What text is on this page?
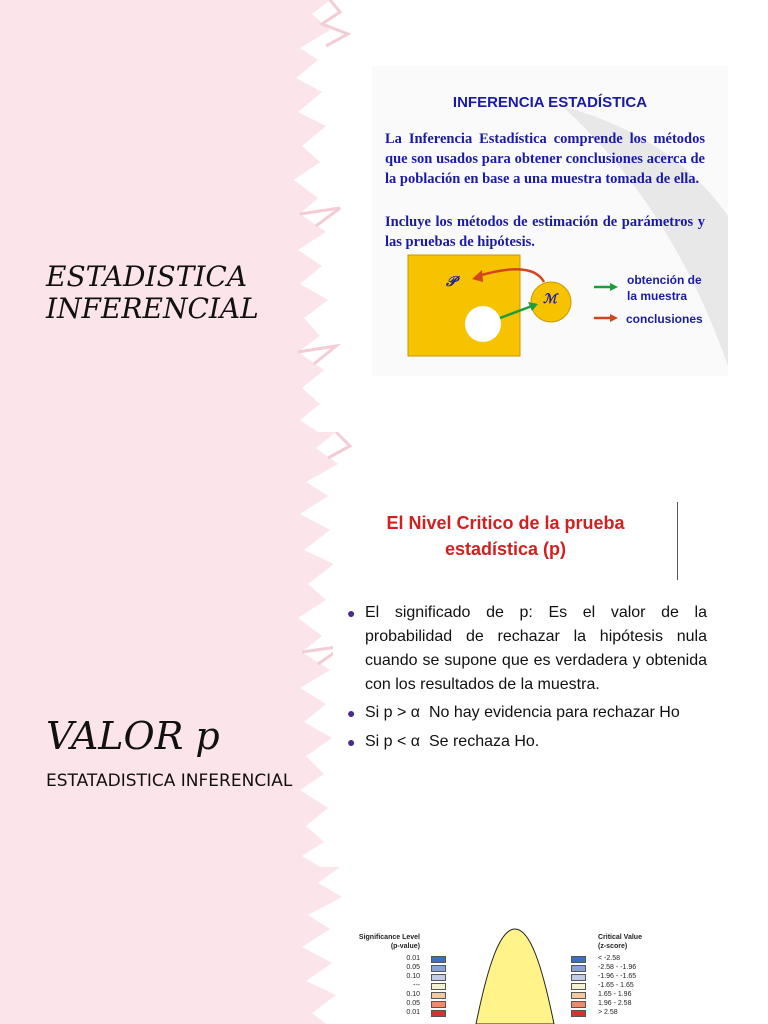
ESTADISTICA
INFERENCIAL
INFERENCIA ESTADÍSTICA
La Inferencia Estadística comprende los métodos que son usados para obtener conclusiones acerca de la población en base a una muestra tomada de ella.
Incluye los métodos de estimación de parámetros y las pruebas de hipótesis.
𝒫
ℳ
obtención de
la muestra
conclusiones
VALOR p
ESTATADISTICA INFERENCIAL
El Nivel Critico de la prueba
estadística (p)
● El significado de p: Es el valor de la probabilidad de rechazar la hipótesis nula cuando se supone que es verdadera y obtenida con los resultados de la muestra.
● Si p > α  No hay evidencia para rechazar Ho
● Si p < α  Se rechaza Ho.
Significance Level
(p-value)
0.01
0.05
0.10
---
0.10
0.05
0.01
Critical Value
(z-score)
< -2.58
-2.58 - -1.96
-1.96 - -1.65
-1.65 - 1.65
1.65 - 1.96
1.96 - 2.58
> 2.58
